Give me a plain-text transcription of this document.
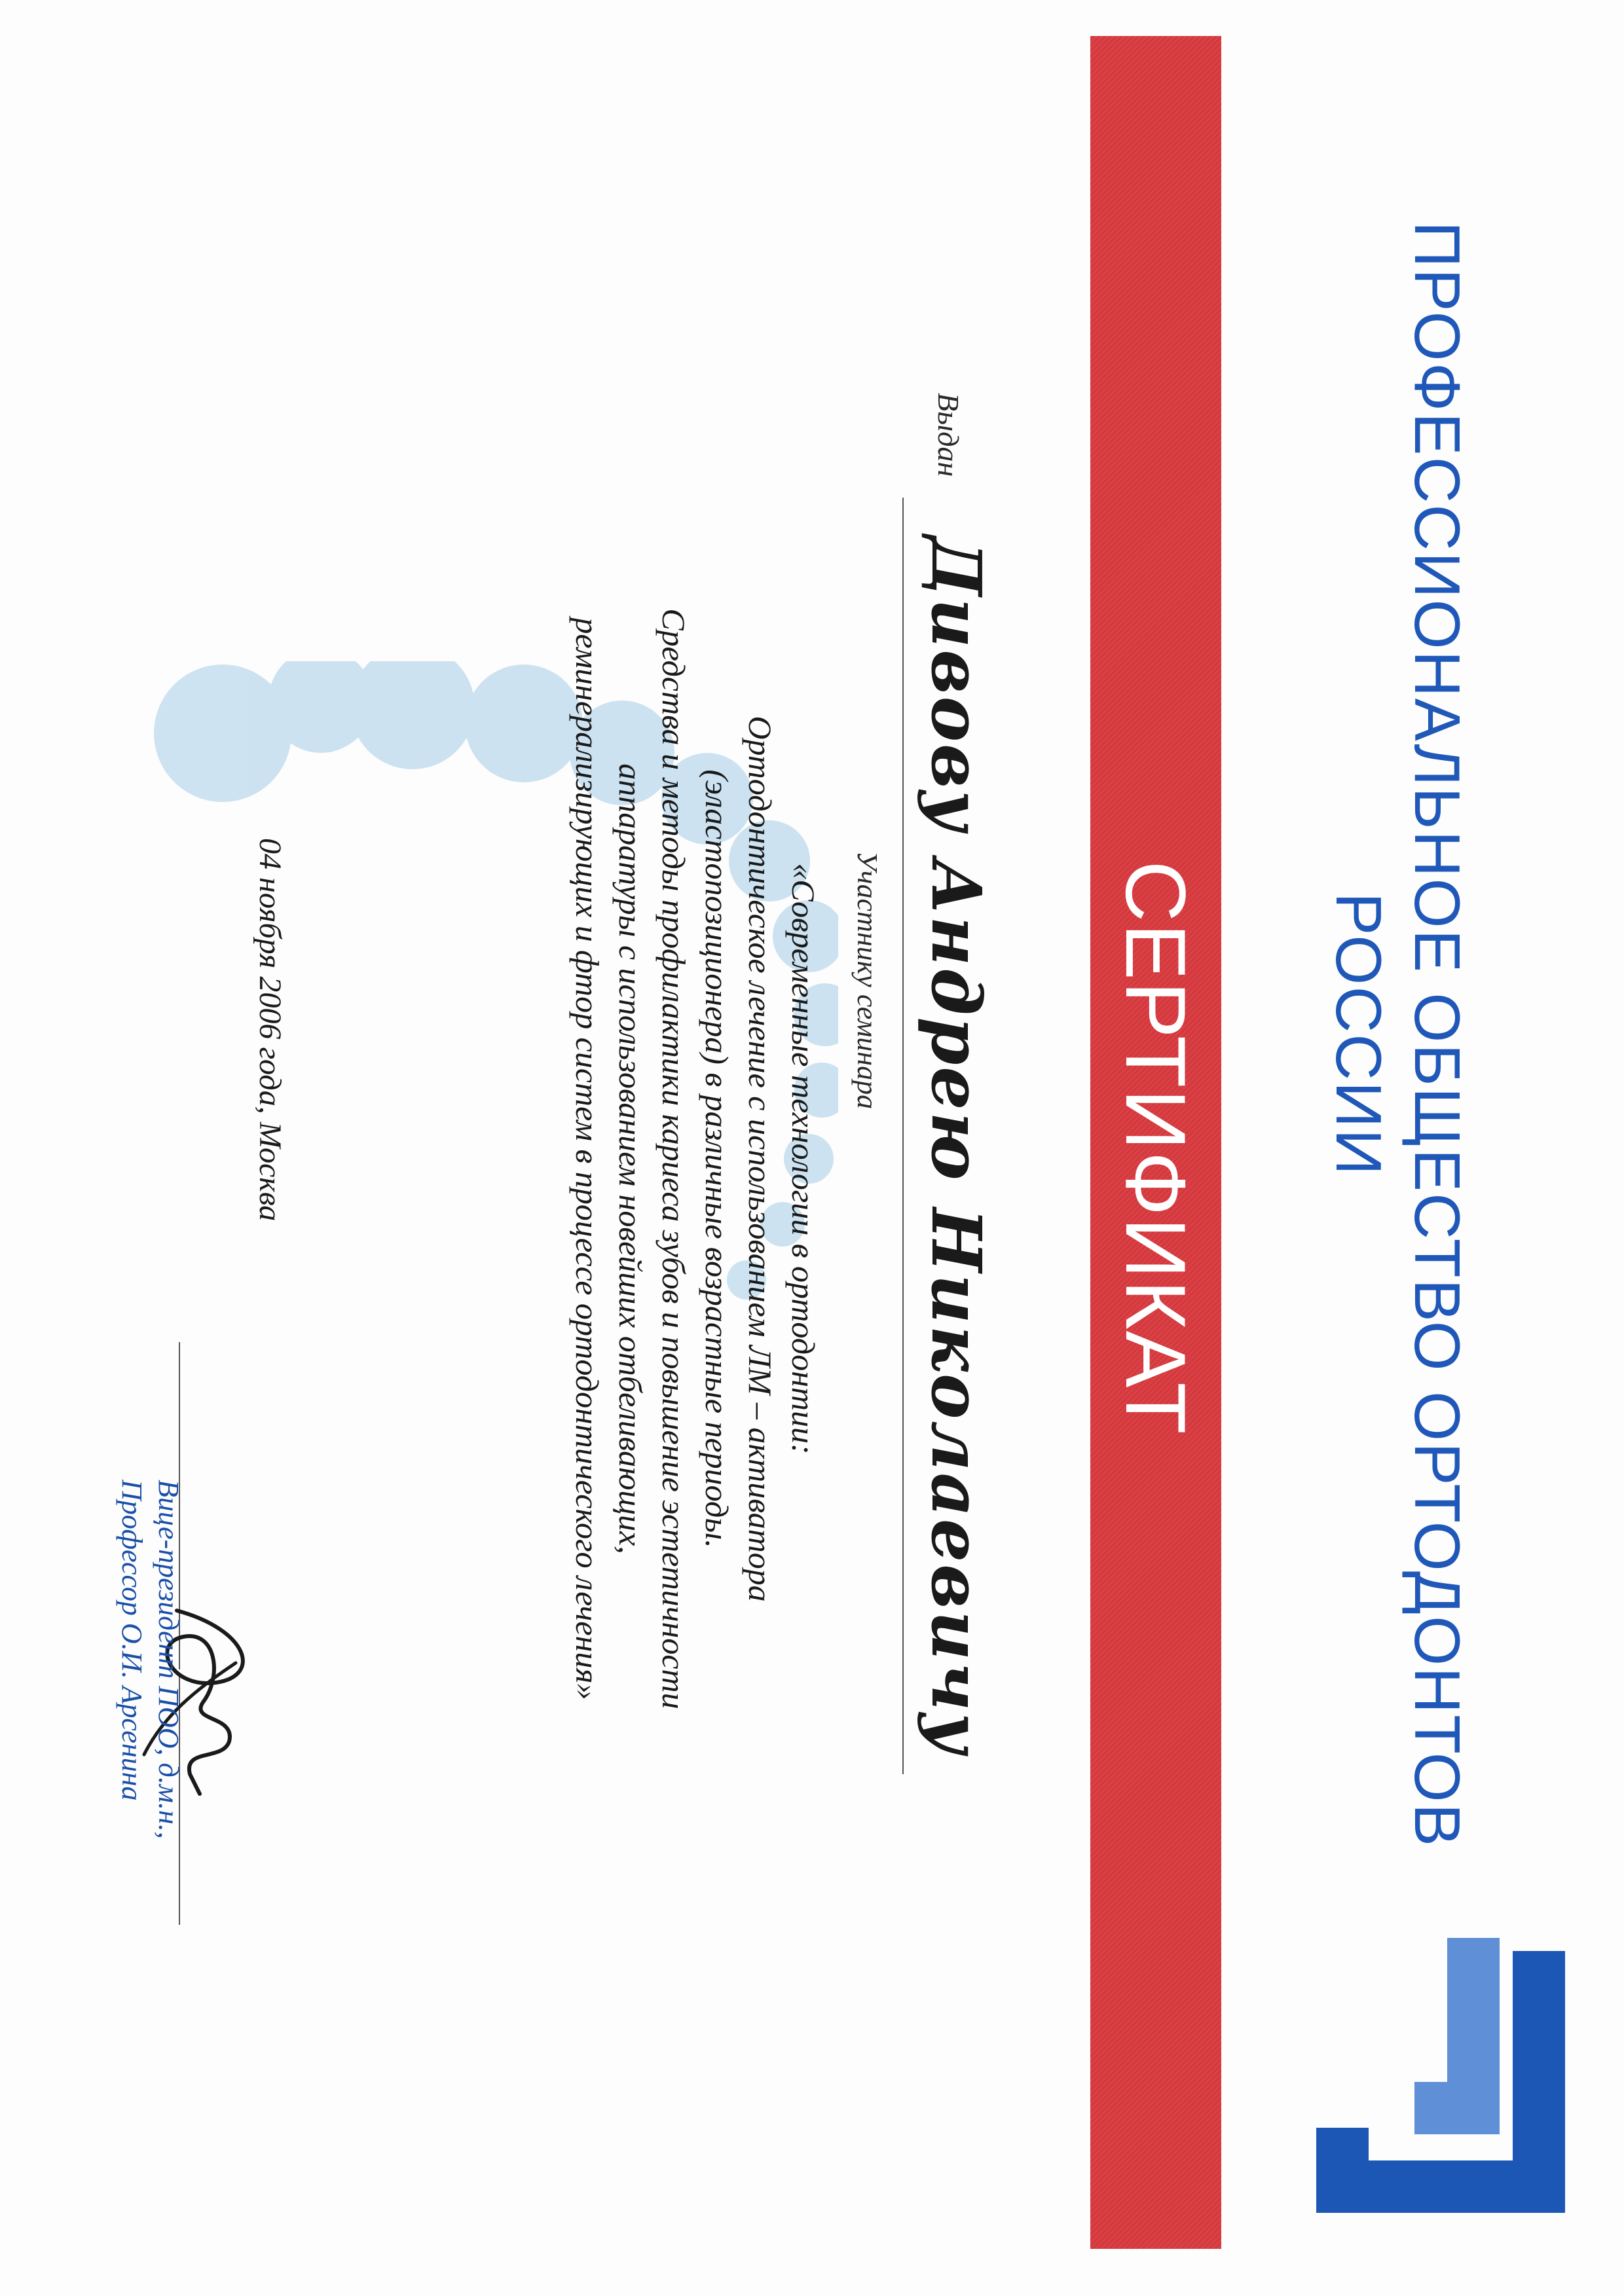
ПРОФЕССИОНАЛЬНОЕ ОБЩЕСТВО ОРТОДОНТОВ РОССИИ
СЕРТИФИКАТ
Выдан
Дивову Андрею Николаевичу
Участнику семинара
«Современные технологии в ортодонтии:
Ортодонтическое лечение с использованием ЛМ – активатора
(эластопозиционера) в различные возрастные периоды.
Средства и методы профилактики кариеса зубов и повышение эстетичности
аппаратуры с использованием новейших отбеливающих,
реминерализирующих и фтор систем в процессе ортодонтического лечения»
04 ноября 2006 года, Москва
Вице-президент ПОО, д.м.н.,
Профессор О.И. Арсенина
